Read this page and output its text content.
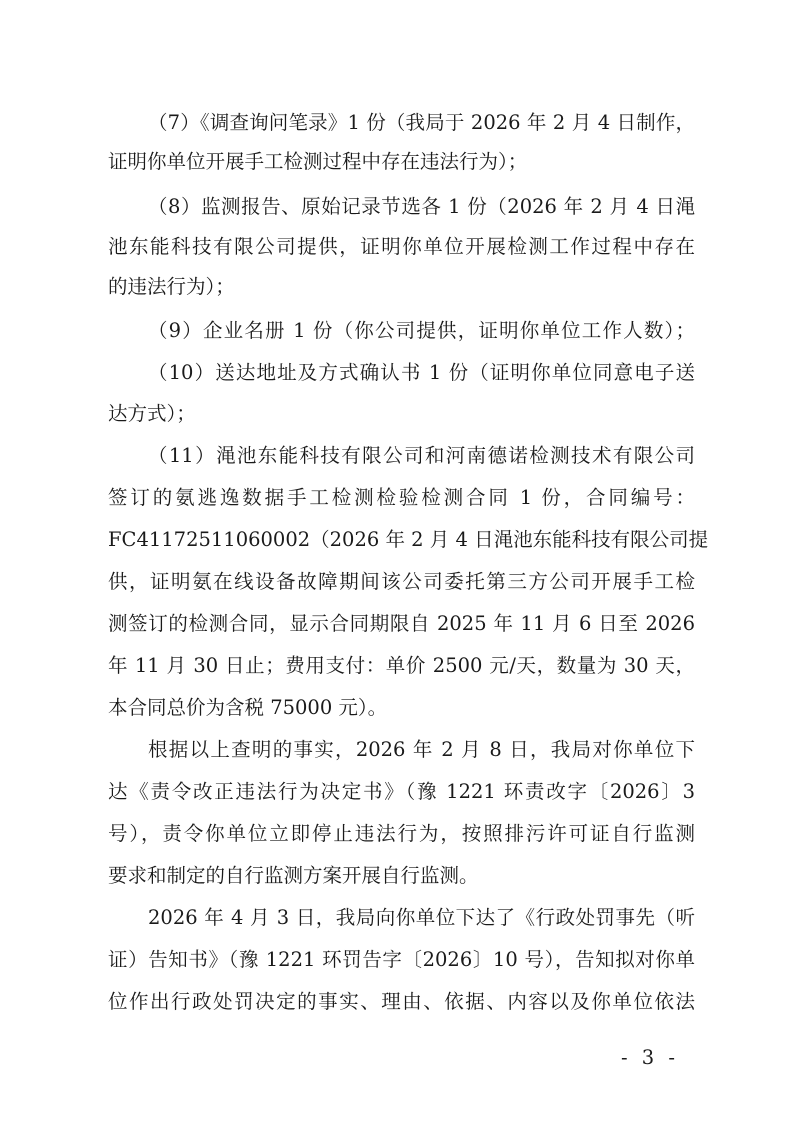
（7）《调查询问笔录》1 份（我局于 2026 年 2 月 4 日制作，
证明你单位开展手工检测过程中存在违法行为）；
（8）监测报告、原始记录节选各 1 份（2026 年 2 月 4 日渑
池东能科技有限公司提供，证明你单位开展检测工作过程中存在
的违法行为）；
（9）企业名册 1 份（你公司提供，证明你单位工作人数）；
（10）送达地址及方式确认书 1 份（证明你单位同意电子送
达方式）；
（11）渑池东能科技有限公司和河南德诺检测技术有限公司
签订的氨逃逸数据手工检测检验检测合同 1 份，合同编号：
FC41172511060002（2026 年 2 月 4 日渑池东能科技有限公司提
供，证明氨在线设备故障期间该公司委托第三方公司开展手工检
测签订的检测合同，显示合同期限自 2025 年 11 月 6 日至 2026
年 11 月 30 日止；费用支付：单价 2500 元/天，数量为 30 天，
本合同总价为含税 75000 元）。
根据以上查明的事实，2026 年 2 月 8 日，我局对你单位下
达《责令改正违法行为决定书》（豫 1221 环责改字〔2026〕3
号），责令你单位立即停止违法行为，按照排污许可证自行监测
要求和制定的自行监测方案开展自行监测。
2026 年 4 月 3 日，我局向你单位下达了《行政处罚事先（听
证）告知书》（豫 1221 环罚告字〔2026〕10 号），告知拟对你单
位作出行政处罚决定的事实、理由、依据、内容以及你单位依法
- 3 -
